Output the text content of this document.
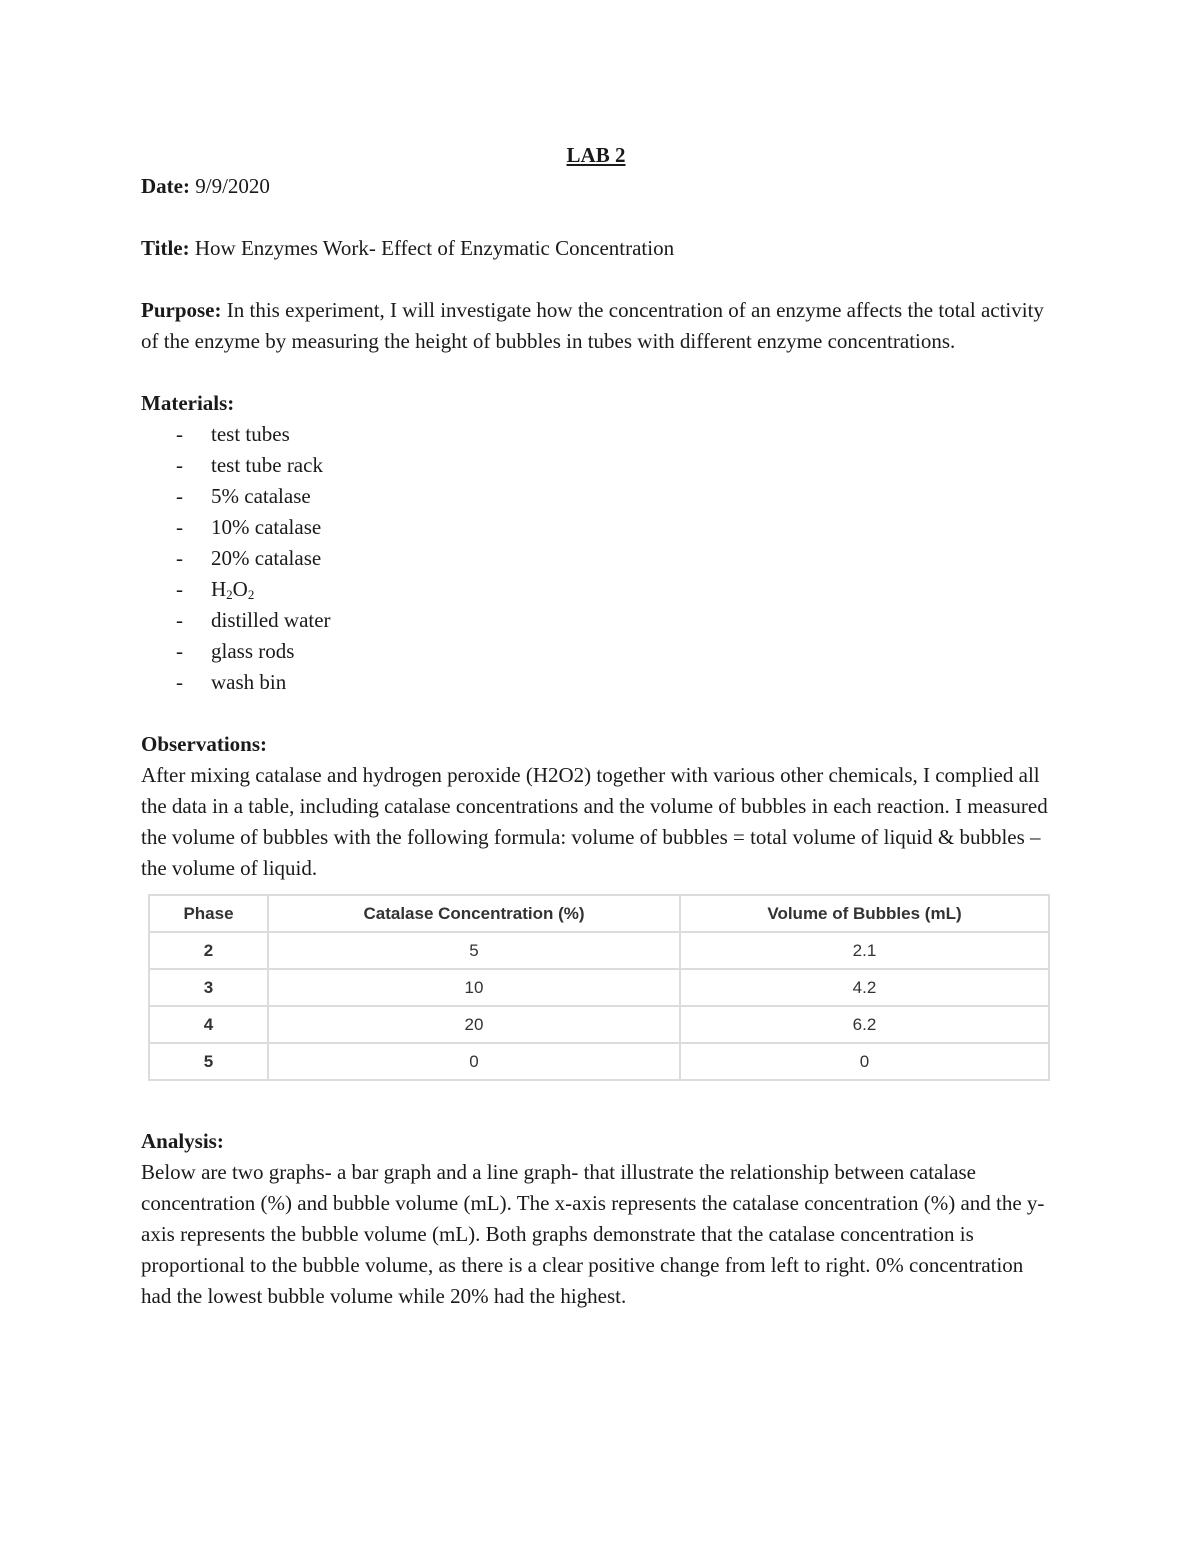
LAB 2

Date: 9/9/2020

Title: How Enzymes Work- Effect of Enzymatic Concentration

Purpose: In this experiment, I will investigate how the concentration of an enzyme affects the total activity of the enzyme by measuring the height of bubbles in tubes with different enzyme concentrations.

Materials:

- test tubes
- test tube rack
- 5% catalase
- 10% catalase
- 20% catalase
- $H_2O_2$
- distilled water
- glass rods
- wash bin

Observations:

After mixing catalase and hydrogen peroxide (H2O2) together with various other chemicals, I complied all the data in a table, including catalase concentrations and the volume of bubbles in each reaction. I measured the volume of bubbles with the following formula: volume of bubbles = total volume of liquid & bubbles – the volume of liquid.

Phase	Catalase Concentration (%)	Volume of Bubbles (mL)
2	5	2.1
3	10	4.2
4	20	6.2
5	0	0

Analysis:

Below are two graphs- a bar graph and a line graph- that illustrate the relationship between catalase concentration (%) and bubble volume (mL). The x-axis represents the catalase concentration (%) and the y-axis represents the bubble volume (mL). Both graphs demonstrate that the catalase concentration is proportional to the bubble volume, as there is a clear positive change from left to right. 0% concentration had the lowest bubble volume while 20% had the highest.
